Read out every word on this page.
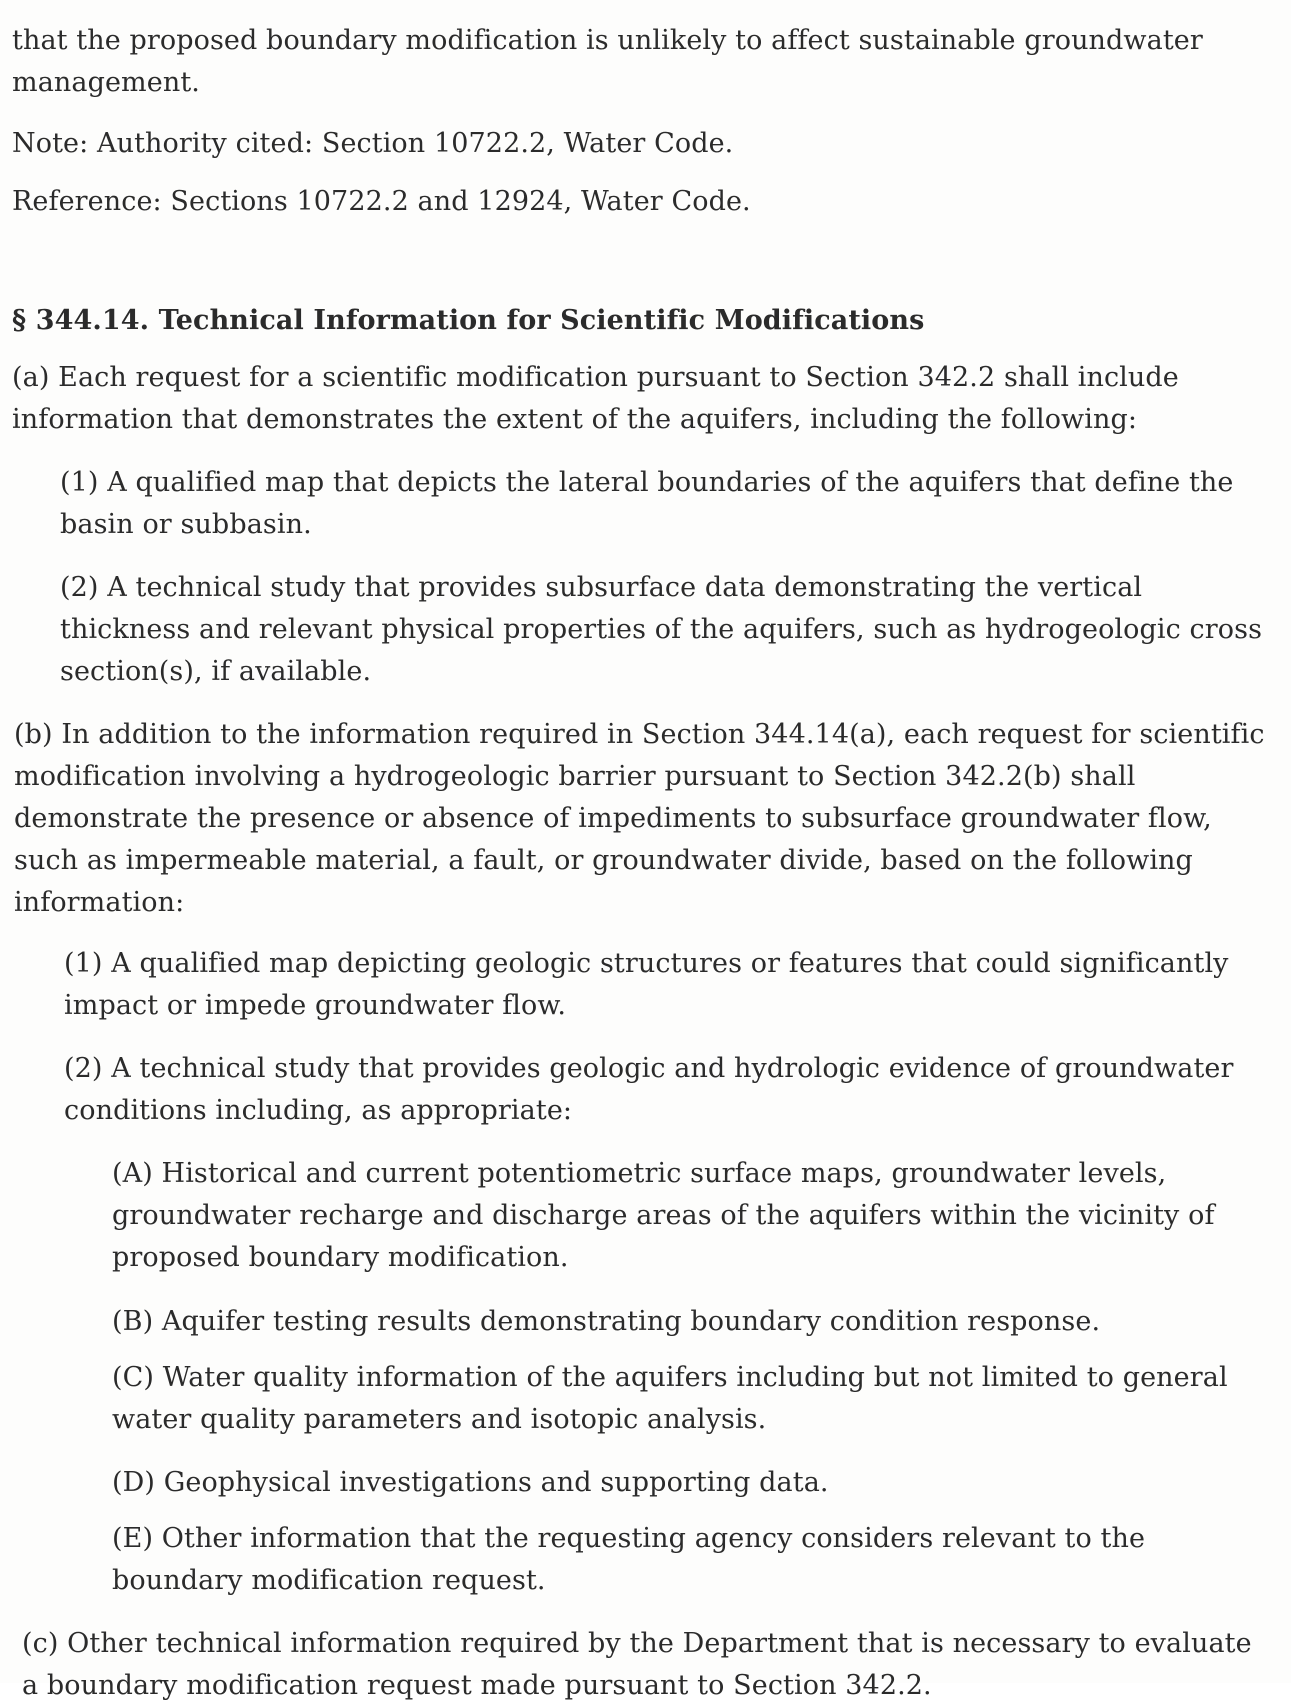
that the proposed boundary modification is unlikely to affect sustainable groundwater
management.

Note: Authority cited: Section 10722.2, Water Code.

Reference: Sections 10722.2 and 12924, Water Code.

§ 344.14. Technical Information for Scientific Modifications

(a) Each request for a scientific modification pursuant to Section 342.2 shall include
information that demonstrates the extent of the aquifers, including the following:

(1) A qualified map that depicts the lateral boundaries of the aquifers that define the
basin or subbasin.

(2) A technical study that provides subsurface data demonstrating the vertical
thickness and relevant physical properties of the aquifers, such as hydrogeologic cross
section(s), if available.

(b) In addition to the information required in Section 344.14(a), each request for scientific
modification involving a hydrogeologic barrier pursuant to Section 342.2(b) shall
demonstrate the presence or absence of impediments to subsurface groundwater flow,
such as impermeable material, a fault, or groundwater divide, based on the following
information:

(1) A qualified map depicting geologic structures or features that could significantly
impact or impede groundwater flow.

(2) A technical study that provides geologic and hydrologic evidence of groundwater
conditions including, as appropriate:

(A) Historical and current potentiometric surface maps, groundwater levels,
groundwater recharge and discharge areas of the aquifers within the vicinity of
proposed boundary modification.

(B) Aquifer testing results demonstrating boundary condition response.

(C) Water quality information of the aquifers including but not limited to general
water quality parameters and isotopic analysis.

(D) Geophysical investigations and supporting data.

(E) Other information that the requesting agency considers relevant to the
boundary modification request.

(c) Other technical information required by the Department that is necessary to evaluate
a boundary modification request made pursuant to Section 342.2.
